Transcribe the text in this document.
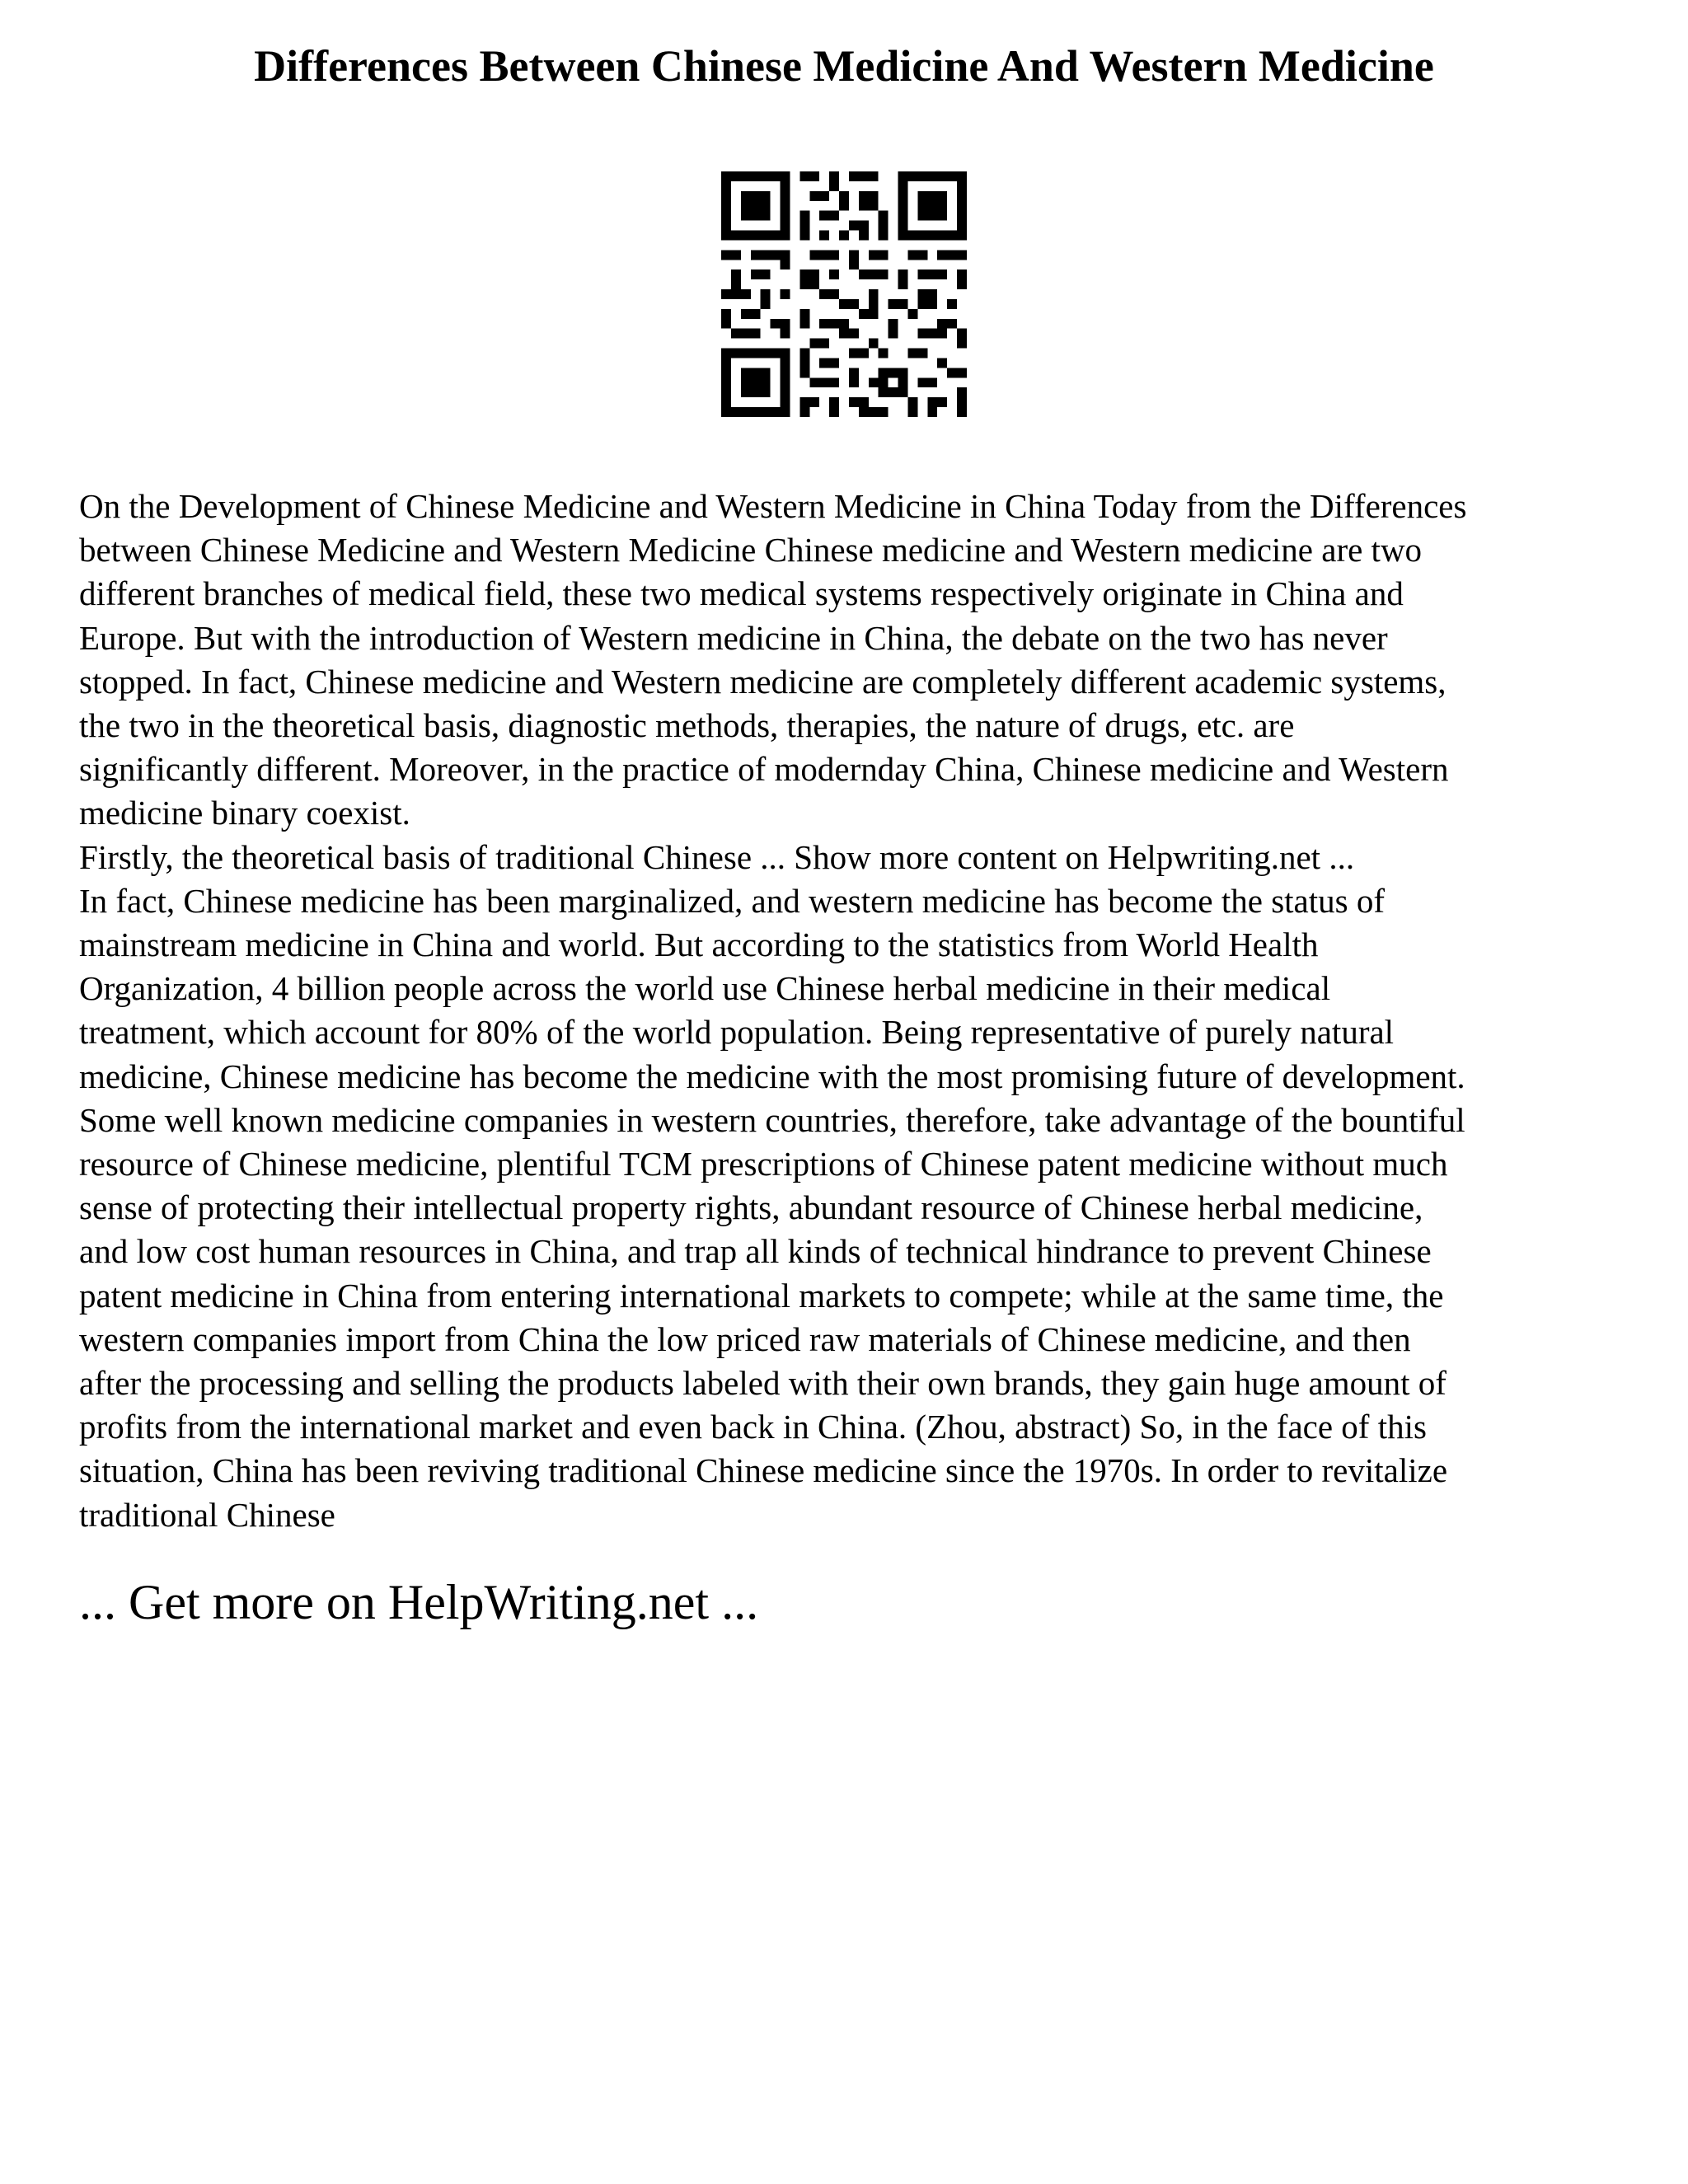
Differences Between Chinese Medicine And Western Medicine

On the Development of Chinese Medicine and Western Medicine in China Today from the Differences
between Chinese Medicine and Western Medicine Chinese medicine and Western medicine are two
different branches of medical field, these two medical systems respectively originate in China and
Europe. But with the introduction of Western medicine in China, the debate on the two has never
stopped. In fact, Chinese medicine and Western medicine are completely different academic systems,
the two in the theoretical basis, diagnostic methods, therapies, the nature of drugs, etc. are
significantly different. Moreover, in the practice of modernday China, Chinese medicine and Western
medicine binary coexist.

Firstly, the theoretical basis of traditional Chinese ... Show more content on Helpwriting.net ...

In fact, Chinese medicine has been marginalized, and western medicine has become the status of
mainstream medicine in China and world. But according to the statistics from World Health
Organization, 4 billion people across the world use Chinese herbal medicine in their medical
treatment, which account for 80% of the world population. Being representative of purely natural
medicine, Chinese medicine has become the medicine with the most promising future of development.
Some well known medicine companies in western countries, therefore, take advantage of the bountiful
resource of Chinese medicine, plentiful TCM prescriptions of Chinese patent medicine without much
sense of protecting their intellectual property rights, abundant resource of Chinese herbal medicine,
and low cost human resources in China, and trap all kinds of technical hindrance to prevent Chinese
patent medicine in China from entering international markets to compete; while at the same time, the
western companies import from China the low priced raw materials of Chinese medicine, and then
after the processing and selling the products labeled with their own brands, they gain huge amount of
profits from the international market and even back in China. (Zhou, abstract) So, in the face of this
situation, China has been reviving traditional Chinese medicine since the 1970s. In order to revitalize
traditional Chinese

... Get more on HelpWriting.net ...
